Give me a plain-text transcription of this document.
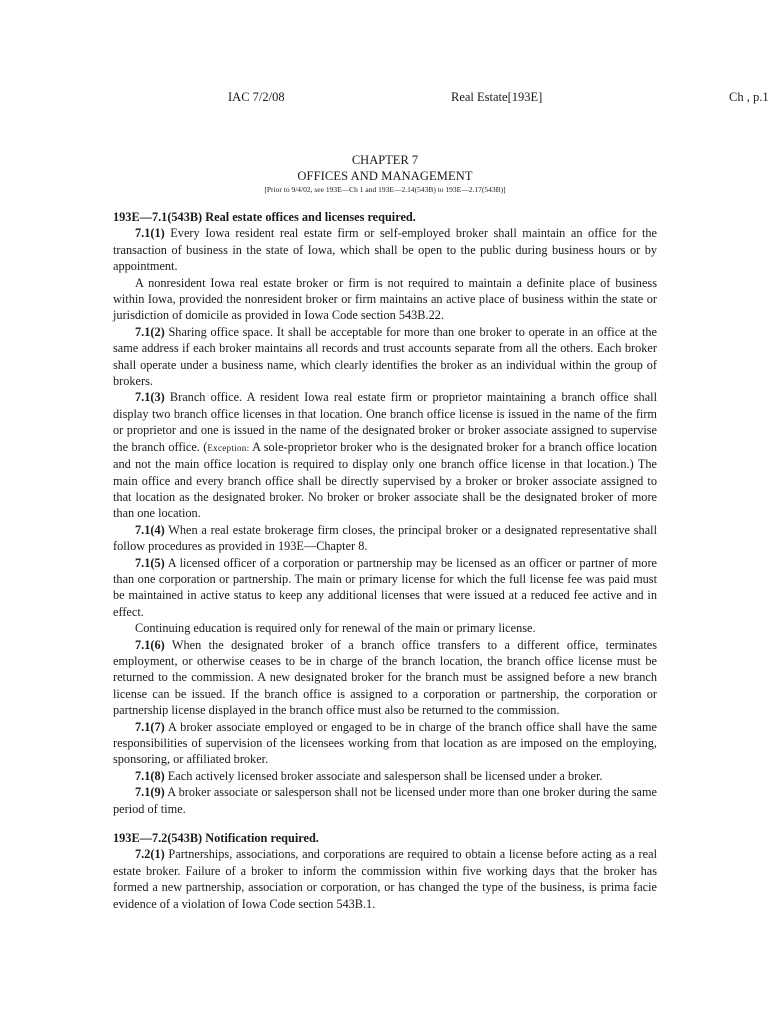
IAC 7/2/08	Real Estate[193E]	Ch , p.1
CHAPTER 7
OFFICES AND MANAGEMENT
[Prior to 9/4/02, see 193E—Ch 1 and 193E—2.14(543B) to 193E—2.17(543B)]

193E—7.1(543B) Real estate offices and licenses required.

7.1(1) Every Iowa resident real estate firm or self-employed broker shall maintain an office for the transaction of business in the state of Iowa, which shall be open to the public during business hours or by appointment.

A nonresident Iowa real estate broker or firm is not required to maintain a definite place of business within Iowa, provided the nonresident broker or firm maintains an active place of business within the state or jurisdiction of domicile as provided in Iowa Code section 543B.22.

7.1(2) Sharing office space. It shall be acceptable for more than one broker to operate in an office at the same address if each broker maintains all records and trust accounts separate from all the others. Each broker shall operate under a business name, which clearly identifies the broker as an individual within the group of brokers.

7.1(3) Branch office. A resident Iowa real estate firm or proprietor maintaining a branch office shall display two branch office licenses in that location. One branch office license is issued in the name of the firm or proprietor and one is issued in the name of the designated broker or broker associate assigned to supervise the branch office. (Exception: A sole-proprietor broker who is the designated broker for a branch office location and not the main office location is required to display only one branch office license in that location.) The main office and every branch office shall be directly supervised by a broker or broker associate assigned to that location as the designated broker. No broker or broker associate shall be the designated broker of more than one location.

7.1(4) When a real estate brokerage firm closes, the principal broker or a designated representative shall follow procedures as provided in 193E—Chapter 8.

7.1(5) A licensed officer of a corporation or partnership may be licensed as an officer or partner of more than one corporation or partnership. The main or primary license for which the full license fee was paid must be maintained in active status to keep any additional licenses that were issued at a reduced fee active and in effect.

Continuing education is required only for renewal of the main or primary license.

7.1(6) When the designated broker of a branch office transfers to a different office, terminates employment, or otherwise ceases to be in charge of the branch location, the branch office license must be returned to the commission. A new designated broker for the branch must be assigned before a new branch license can be issued. If the branch office is assigned to a corporation or partnership, the corporation or partnership license displayed in the branch office must also be returned to the commission.

7.1(7) A broker associate employed or engaged to be in charge of the branch office shall have the same responsibilities of supervision of the licensees working from that location as are imposed on the employing, sponsoring, or affiliated broker.

7.1(8) Each actively licensed broker associate and salesperson shall be licensed under a broker.

7.1(9) A broker associate or salesperson shall not be licensed under more than one broker during the same period of time.

193E—7.2(543B) Notification required.

7.2(1) Partnerships, associations, and corporations are required to obtain a license before acting as a real estate broker. Failure of a broker to inform the commission within five working days that the broker has formed a new partnership, association or corporation, or has changed the type of the business, is prima facie evidence of a violation of Iowa Code section 543B.1.
